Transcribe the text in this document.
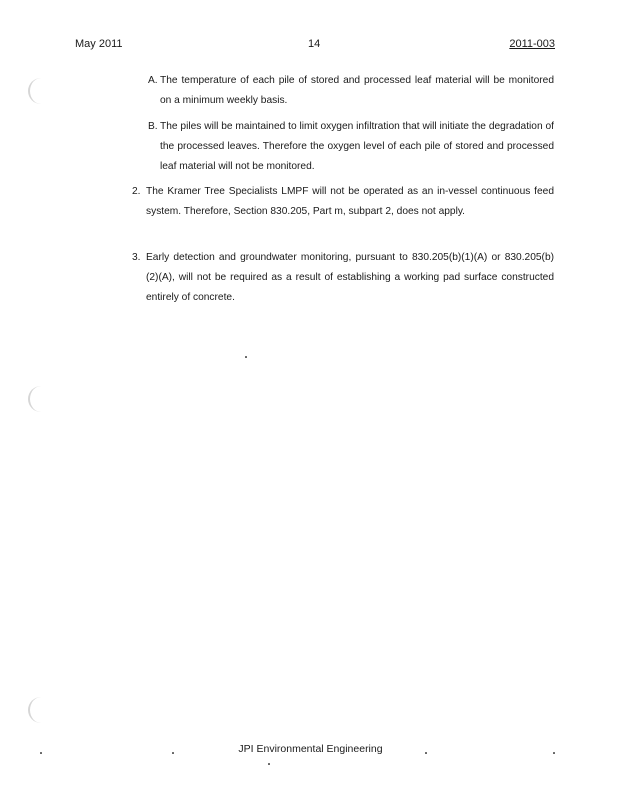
May 2011	14	2011-003
A. The temperature of each pile of stored and processed leaf material will be monitored on a minimum weekly basis.
B. The piles will be maintained to limit oxygen infiltration that will initiate the degradation of the processed leaves. Therefore the oxygen level of each pile of stored and processed leaf material will not be monitored.
2. The Kramer Tree Specialists LMPF will not be operated as an in-vessel continuous feed system. Therefore, Section 830.205, Part m, subpart 2, does not apply.
3. Early detection and groundwater monitoring, pursuant to 830.205(b)(1)(A) or 830.205(b)(2)(A), will not be required as a result of establishing a working pad surface constructed entirely of concrete.
JPI Environmental Engineering
